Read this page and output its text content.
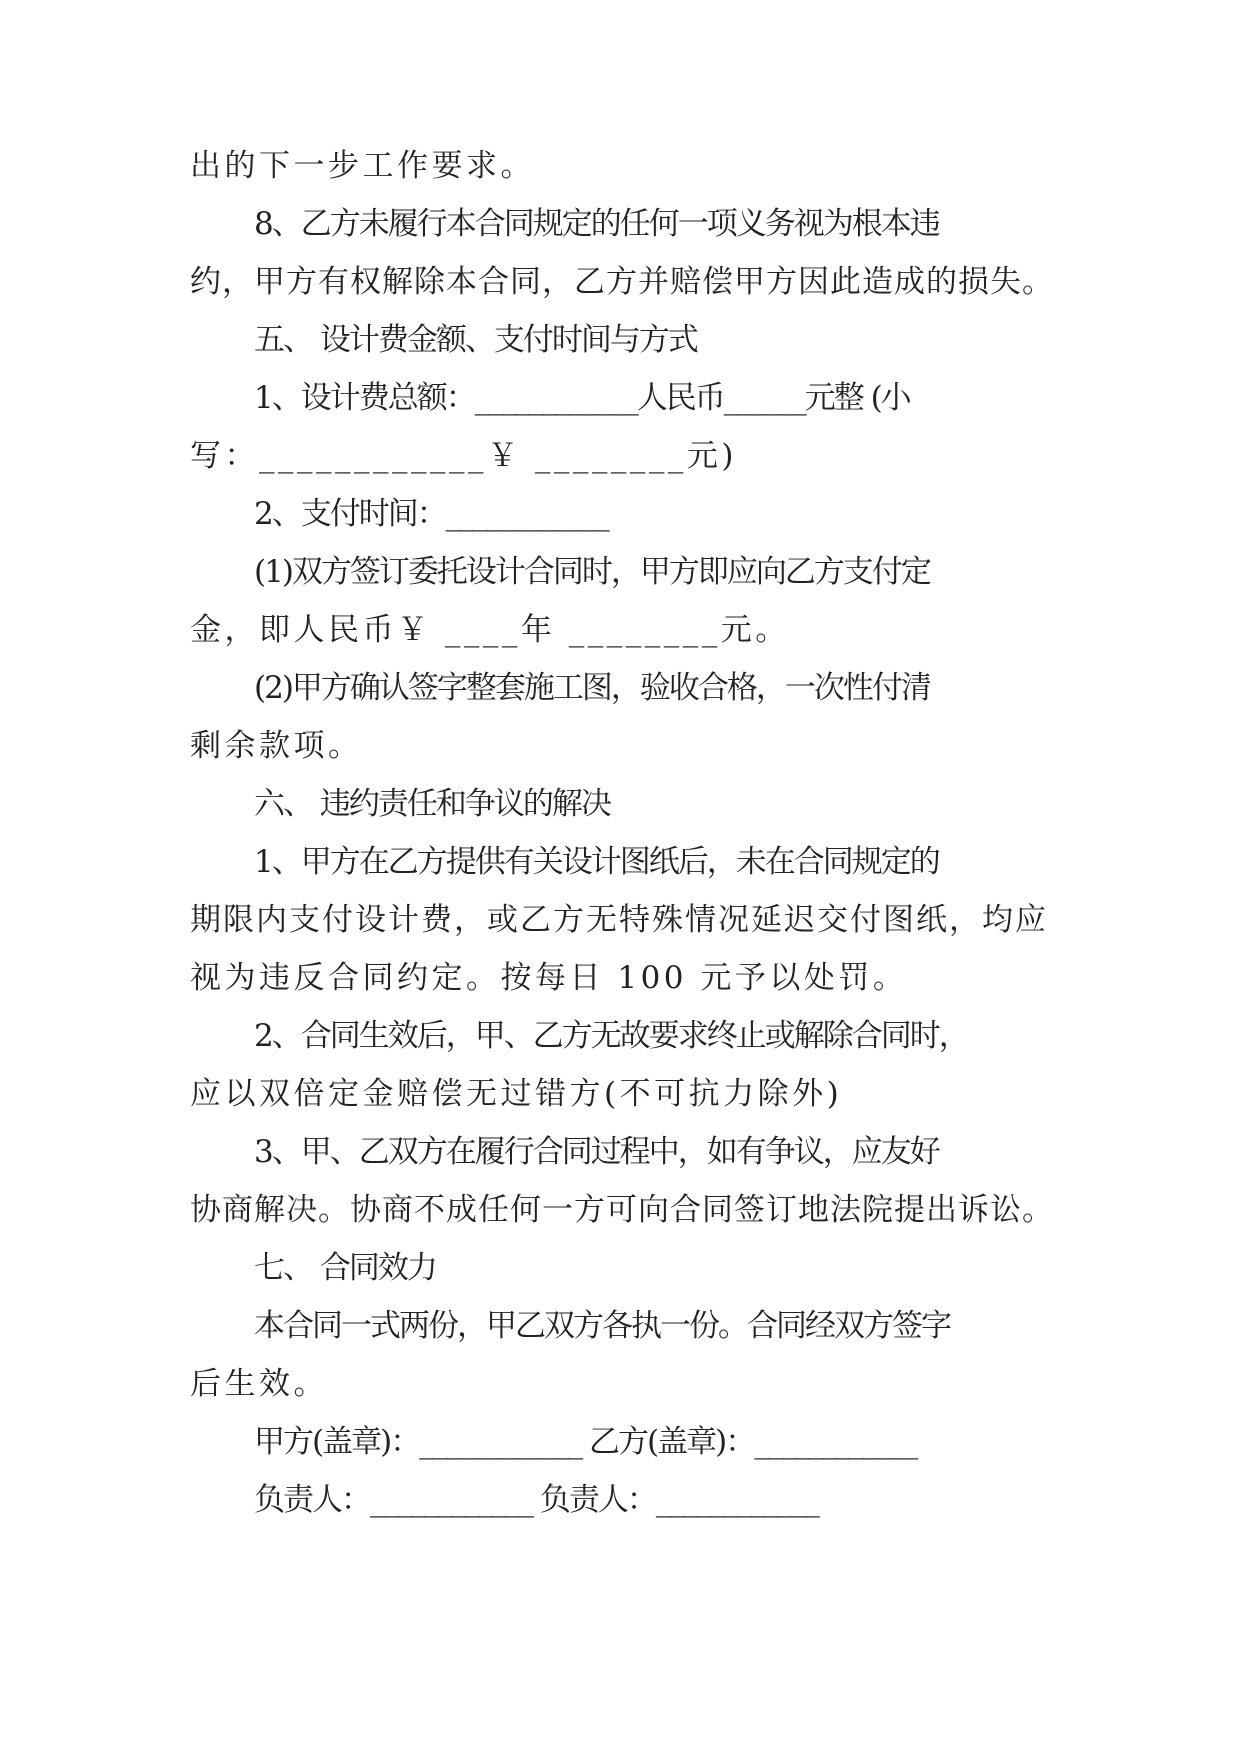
出的下一步工作要求。
8、乙方未履行本合同规定的任何一项义务视为根本违
约，甲方有权解除本合同，乙方并赔偿甲方因此造成的损失。
五、 设计费金额、支付时间与方式
1、设计费总额：____________人民币______元整 (小
写：____________￥ ________元)
2、支付时间：____________
(1)双方签订委托设计合同时，甲方即应向乙方支付定
金，即人民币￥ ____年 ________元。
(2)甲方确认签字整套施工图，验收合格，一次性付清
剩余款项。
六、 违约责任和争议的解决
1、甲方在乙方提供有关设计图纸后，未在合同规定的
期限内支付设计费，或乙方无特殊情况延迟交付图纸，均应
视为违反合同约定。按每日 100 元予以处罚。
2、合同生效后，甲、乙方无故要求终止或解除合同时，
应以双倍定金赔偿无过错方(不可抗力除外)
3、甲、乙双方在履行合同过程中，如有争议，应友好
协商解决。协商不成任何一方可向合同签订地法院提出诉讼。
七、 合同效力
本合同一式两份，甲乙双方各执一份。合同经双方签字
后生效。
甲方(盖章)：____________ 乙方(盖章)：____________
负责人：____________ 负责人：____________
